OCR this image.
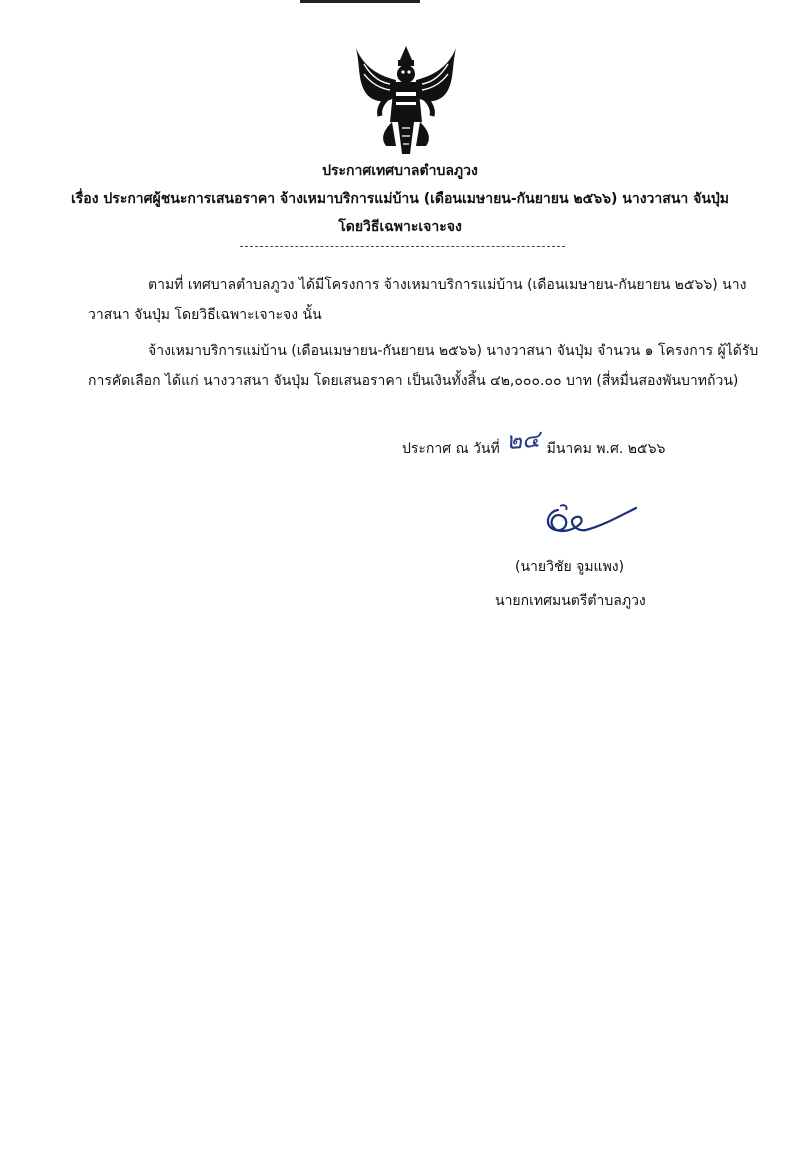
ประกาศเทศบาลตำบลภูวง
เรื่อง ประกาศผู้ชนะการเสนอราคา จ้างเหมาบริการแม่บ้าน (เดือนเมษายน-กันยายน ๒๕๖๖) นางวาสนา จันปุ่ม
โดยวิธีเฉพาะเจาะจง
ตามที่ เทศบาลตำบลภูวง ได้มีโครงการ จ้างเหมาบริการแม่บ้าน (เดือนเมษายน-กันยายน ๒๕๖๖) นาง
วาสนา จันปุ่ม โดยวิธีเฉพาะเจาะจง นั้น
จ้างเหมาบริการแม่บ้าน (เดือนเมษายน-กันยายน ๒๕๖๖) นางวาสนา จันปุ่ม จำนวน ๑ โครงการ ผู้ได้รับ
การคัดเลือก ได้แก่ นางวาสนา จันปุ่ม โดยเสนอราคา เป็นเงินทั้งสิ้น ๔๒,๐๐๐.๐๐ บาท (สี่หมื่นสองพันบาทถ้วน)
ประกาศ ณ วันที่ ๒๔ มีนาคม พ.ศ. ๒๕๖๖
(นายวิชัย จูมแพง)
นายกเทศมนตรีตำบลภูวง
